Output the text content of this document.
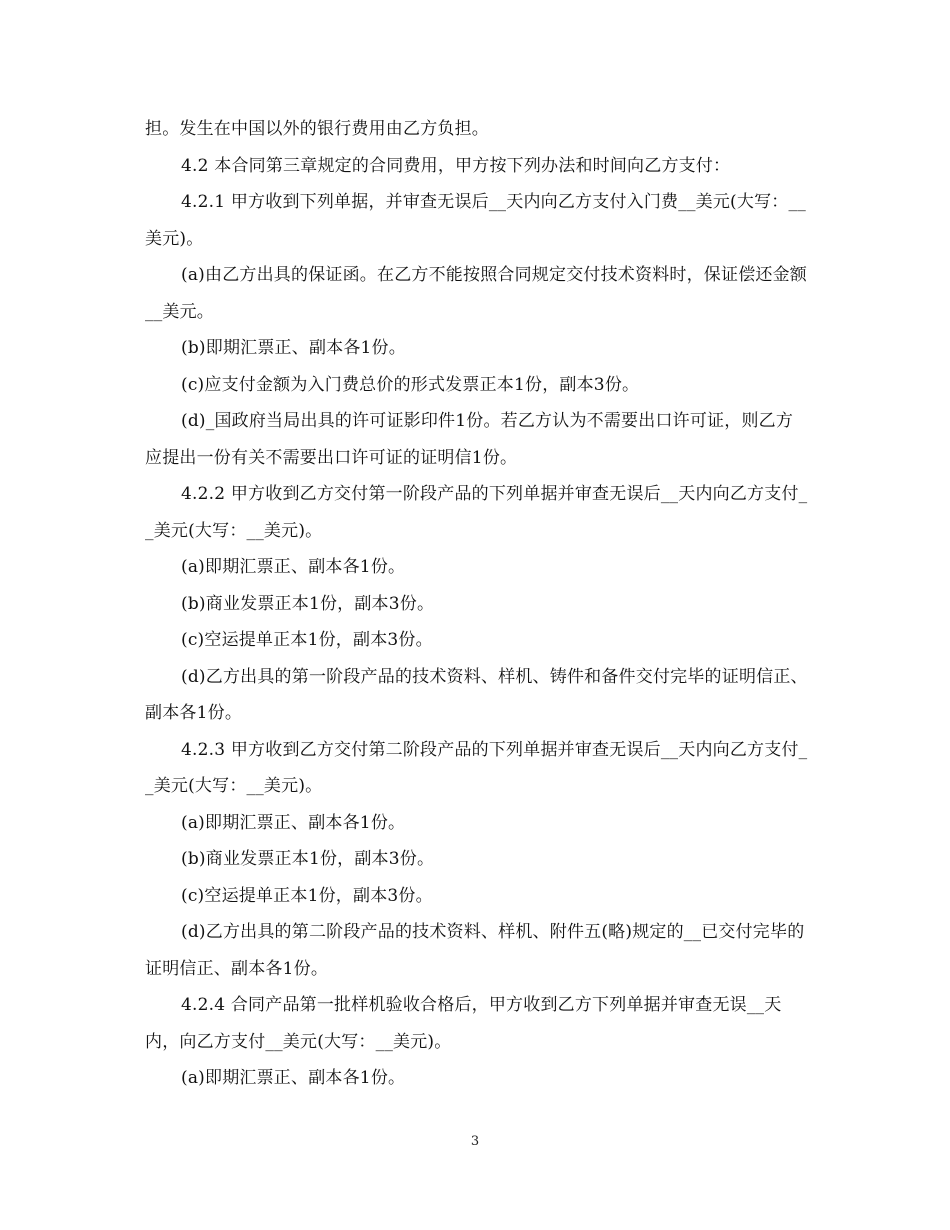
担。发生在中国以外的银行费用由乙方负担。

4.2 本合同第三章规定的合同费用，甲方按下列办法和时间向乙方支付：

4.2.1 甲方收到下列单据，并审查无误后__天内向乙方支付入门费__美元(大写：__美元)。

(a)由乙方出具的保证函。在乙方不能按照合同规定交付技术资料时，保证偿还金额__美元。

(b)即期汇票正、副本各1份。

(c)应支付金额为入门费总价的形式发票正本1份，副本3份。

(d)_国政府当局出具的许可证影印件1份。若乙方认为不需要出口许可证，则乙方应提出一份有关不需要出口许可证的证明信1份。

4.2.2 甲方收到乙方交付第一阶段产品的下列单据并审查无误后__天内向乙方支付__美元(大写：__美元)。

(a)即期汇票正、副本各1份。

(b)商业发票正本1份，副本3份。

(c)空运提单正本1份，副本3份。

(d)乙方出具的第一阶段产品的技术资料、样机、铸件和备件交付完毕的证明信正、副本各1份。

4.2.3 甲方收到乙方交付第二阶段产品的下列单据并审查无误后__天内向乙方支付__美元(大写：__美元)。

(a)即期汇票正、副本各1份。

(b)商业发票正本1份，副本3份。

(c)空运提单正本1份，副本3份。

(d)乙方出具的第二阶段产品的技术资料、样机、附件五(略)规定的__已交付完毕的证明信正、副本各1份。

4.2.4 合同产品第一批样机验收合格后，甲方收到乙方下列单据并审查无误__天内，向乙方支付__美元(大写：__美元)。

(a)即期汇票正、副本各1份。

3
